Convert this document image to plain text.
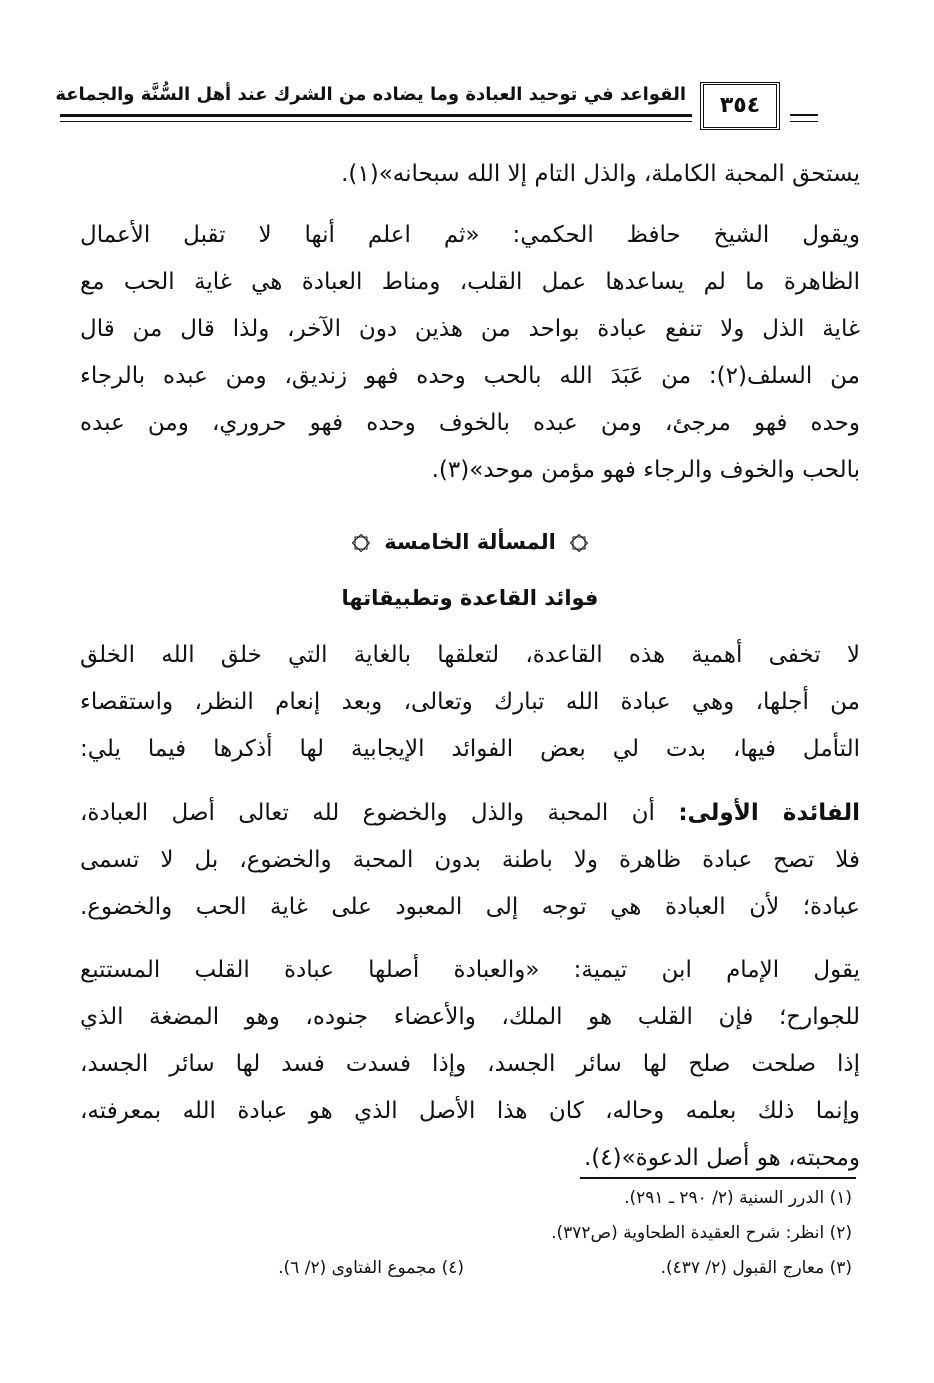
القواعد في توحيد العبادة وما يضاده من الشرك عند أهل السُّنَّة والجماعة	٣٥٤
يستحق المحبة الكاملة، والذل التام إلا الله سبحانه»(١).
ويقول الشيخ حافظ الحكمي: «ثم اعلم أنها لا تقبل الأعمال
الظاهرة ما لم يساعدها عمل القلب، ومناط العبادة هي غاية الحب مع
غاية الذل ولا تنفع عبادة بواحد من هذين دون الآخر، ولذا قال من قال
من السلف(٢): من عَبَدَ الله بالحب وحده فهو زنديق، ومن عبده بالرجاء
وحده فهو مرجئ، ومن عبده بالخوف وحده فهو حروري، ومن عبده
بالحب والخوف والرجاء فهو مؤمن موحد»(٣).
المسألة الخامسة
فوائد القاعدة وتطبيقاتها
لا تخفى أهمية هذه القاعدة، لتعلقها بالغاية التي خلق الله الخلق
من أجلها، وهي عبادة الله تبارك وتعالى، وبعد إنعام النظر، واستقصاء
التأمل فيها، بدت لي بعض الفوائد الإيجابية لها أذكرها فيما يلي:
الفائدة الأولى: أن المحبة والذل والخضوع لله تعالى أصل العبادة،
فلا تصح عبادة ظاهرة ولا باطنة بدون المحبة والخضوع، بل لا تسمى
عبادة؛ لأن العبادة هي توجه إلى المعبود على غاية الحب والخضوع.
يقول الإمام ابن تيمية: «والعبادة أصلها عبادة القلب المستتبع
للجوارح؛ فإن القلب هو الملك، والأعضاء جنوده، وهو المضغة الذي
إذا صلحت صلح لها سائر الجسد، وإذا فسدت فسد لها سائر الجسد،
وإنما ذلك بعلمه وحاله، كان هذا الأصل الذي هو عبادة الله بمعرفته،
ومحبته، هو أصل الدعوة»(٤).
(١) الدرر السنية (٢/ ٢٩٠ ـ ٢٩١).
(٢) انظر: شرح العقيدة الطحاوية (ص٣٧٢).
(٣) معارج القبول (٢/ ٤٣٧).
(٤) مجموع الفتاوى (٢/ ٦).
